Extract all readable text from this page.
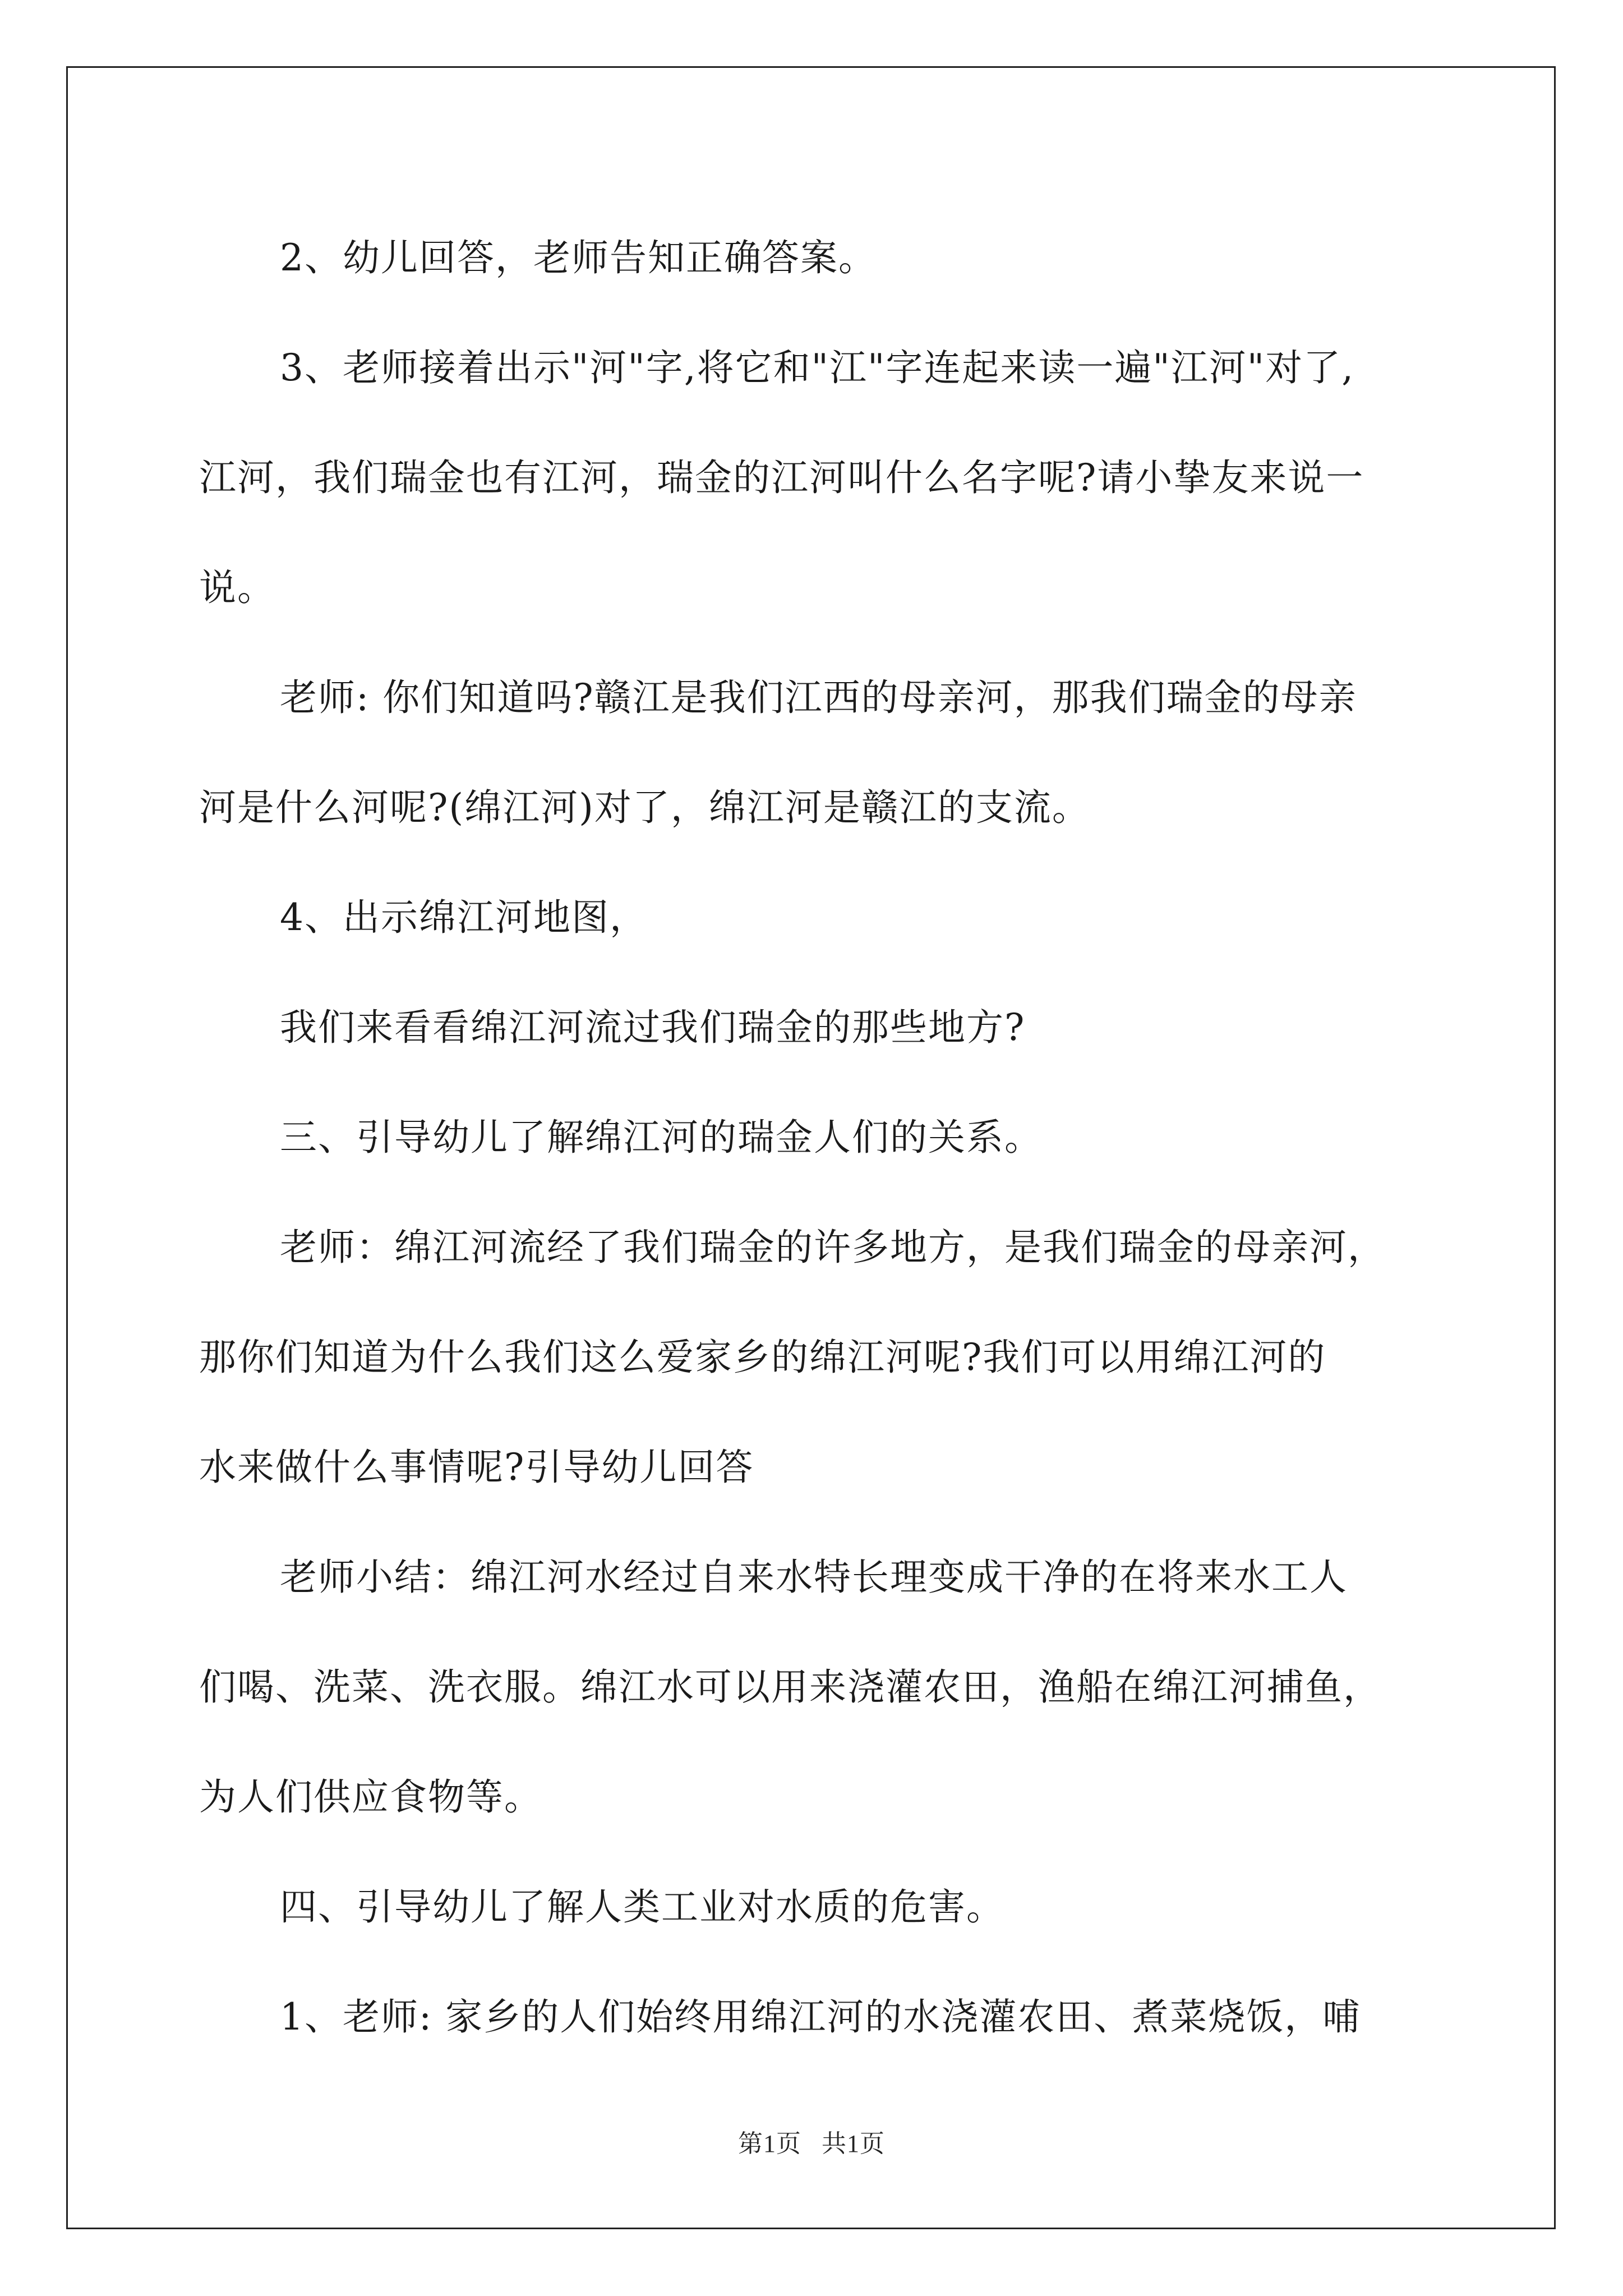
2、幼儿回答，老师告知正确答案。

3、老师接着出示"河"字,将它和"江"字连起来读一遍"江河"对了,

江河，我们瑞金也有江河，瑞金的江河叫什么名字呢?请小挚友来说一

说。

老师: 你们知道吗?赣江是我们江西的母亲河，那我们瑞金的母亲

河是什么河呢?(绵江河)对了，绵江河是赣江的支流。

4、出示绵江河地图，

我们来看看绵江河流过我们瑞金的那些地方?

三、引导幼儿了解绵江河的瑞金人们的关系。

老师：绵江河流经了我们瑞金的许多地方，是我们瑞金的母亲河，

那你们知道为什么我们这么爱家乡的绵江河呢?我们可以用绵江河的

水来做什么事情呢?引导幼儿回答

老师小结：绵江河水经过自来水特长理变成干净的在将来水工人

们喝、洗菜、洗衣服。绵江水可以用来浇灌农田，渔船在绵江河捕鱼，

为人们供应食物等。

四、引导幼儿了解人类工业对水质的危害。

1、老师: 家乡的人们始终用绵江河的水浇灌农田、煮菜烧饭，哺

第1页 共1页
